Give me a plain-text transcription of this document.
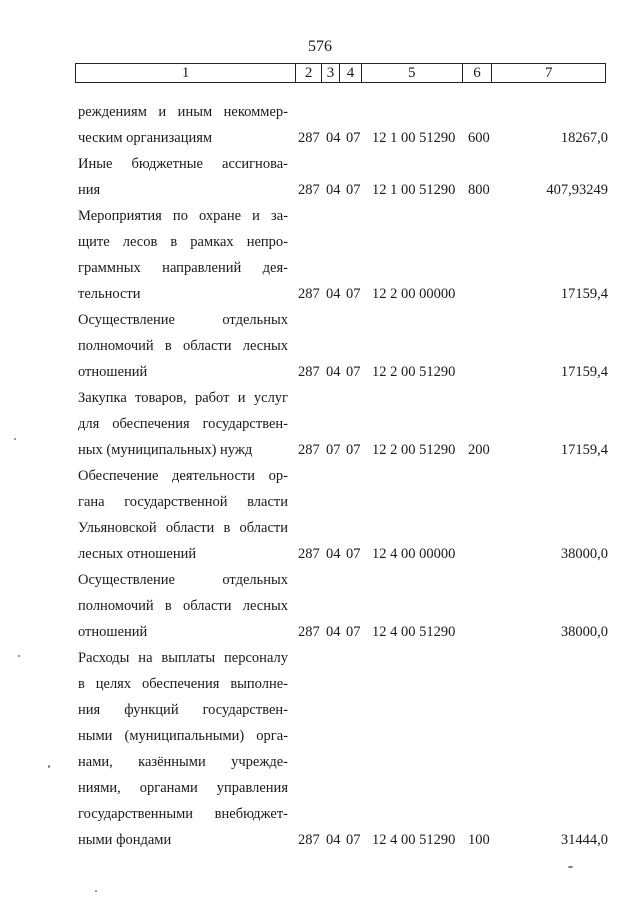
576
1	2 3 4	5	6	7
реждениям и иным некоммер-
ческим организациям	287 04 07 12 1 00 51290 600	18267,0
Иные бюджетные ассигнова-
ния	287 04 07 12 1 00 51290 800	407,93249
Мероприятия по охране и за-
щите лесов в рамках непро-
граммных направлений дея-
тельности	287 04 07 12 2 00 00000	17159,4
Осуществление отдельных
полномочий в области лесных
отношений	287 04 07 12 2 00 51290	17159,4
Закупка товаров, работ и услуг
для обеспечения государствен-
ных (муниципальных) нужд	287 07 07 12 2 00 51290 200	17159,4
Обеспечение деятельности ор-
гана государственной власти
Ульяновской области в области
лесных отношений	287 04 07 12 4 00 00000	38000,0
Осуществление отдельных
полномочий в области лесных
отношений	287 04 07 12 4 00 51290	38000,0
Расходы на выплаты персоналу
в целях обеспечения выполне-
ния функций государствен-
ными (муниципальными) орга-
нами, казёнными учрежде-
ниями, органами управления
государственными внебюджет-
ными фондами	287 04 07 12 4 00 51290 100	31444,0
